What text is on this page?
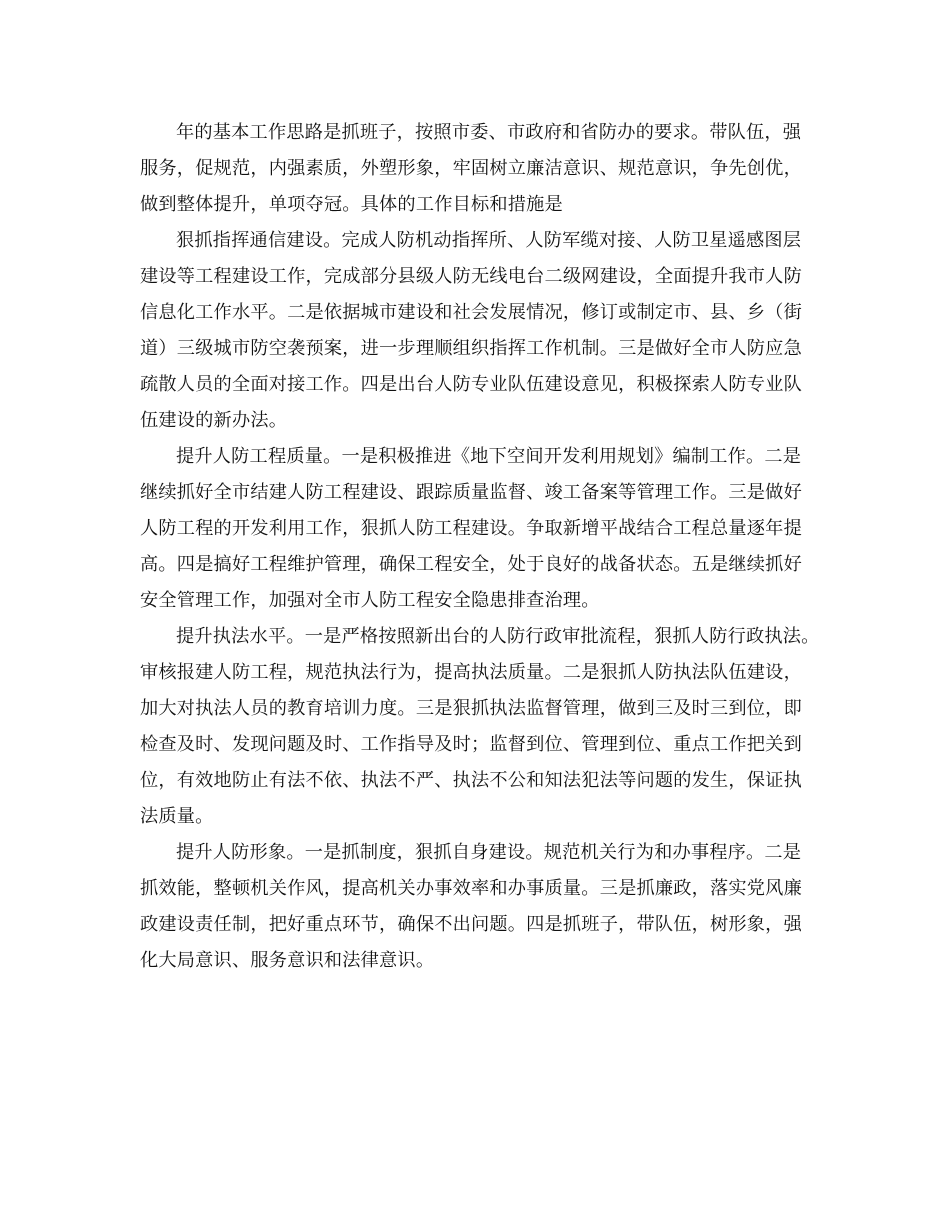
年的基本工作思路是抓班子，按照市委、市政府和省防办的要求。带队伍，强
服务，促规范，内强素质，外塑形象，牢固树立廉洁意识、规范意识，争先创优，
做到整体提升，单项夺冠。具体的工作目标和措施是
狠抓指挥通信建设。完成人防机动指挥所、人防军缆对接、人防卫星遥感图层
建设等工程建设工作，完成部分县级人防无线电台二级网建设，全面提升我市人防
信息化工作水平。二是依据城市建设和社会发展情况，修订或制定市、县、乡（街
道）三级城市防空袭预案，进一步理顺组织指挥工作机制。三是做好全市人防应急
疏散人员的全面对接工作。四是出台人防专业队伍建设意见，积极探索人防专业队
伍建设的新办法。
提升人防工程质量。一是积极推进《地下空间开发利用规划》编制工作。二是
继续抓好全市结建人防工程建设、跟踪质量监督、竣工备案等管理工作。三是做好
人防工程的开发利用工作，狠抓人防工程建设。争取新增平战结合工程总量逐年提
高。四是搞好工程维护管理，确保工程安全，处于良好的战备状态。五是继续抓好
安全管理工作，加强对全市人防工程安全隐患排查治理。
提升执法水平。一是严格按照新出台的人防行政审批流程，狠抓人防行政执法。
审核报建人防工程，规范执法行为，提高执法质量。二是狠抓人防执法队伍建设，
加大对执法人员的教育培训力度。三是狠抓执法监督管理，做到三及时三到位，即
检查及时、发现问题及时、工作指导及时；监督到位、管理到位、重点工作把关到
位，有效地防止有法不依、执法不严、执法不公和知法犯法等问题的发生，保证执
法质量。
提升人防形象。一是抓制度，狠抓自身建设。规范机关行为和办事程序。二是
抓效能，整顿机关作风，提高机关办事效率和办事质量。三是抓廉政，落实党风廉
政建设责任制，把好重点环节，确保不出问题。四是抓班子，带队伍，树形象，强
化大局意识、服务意识和法律意识。
